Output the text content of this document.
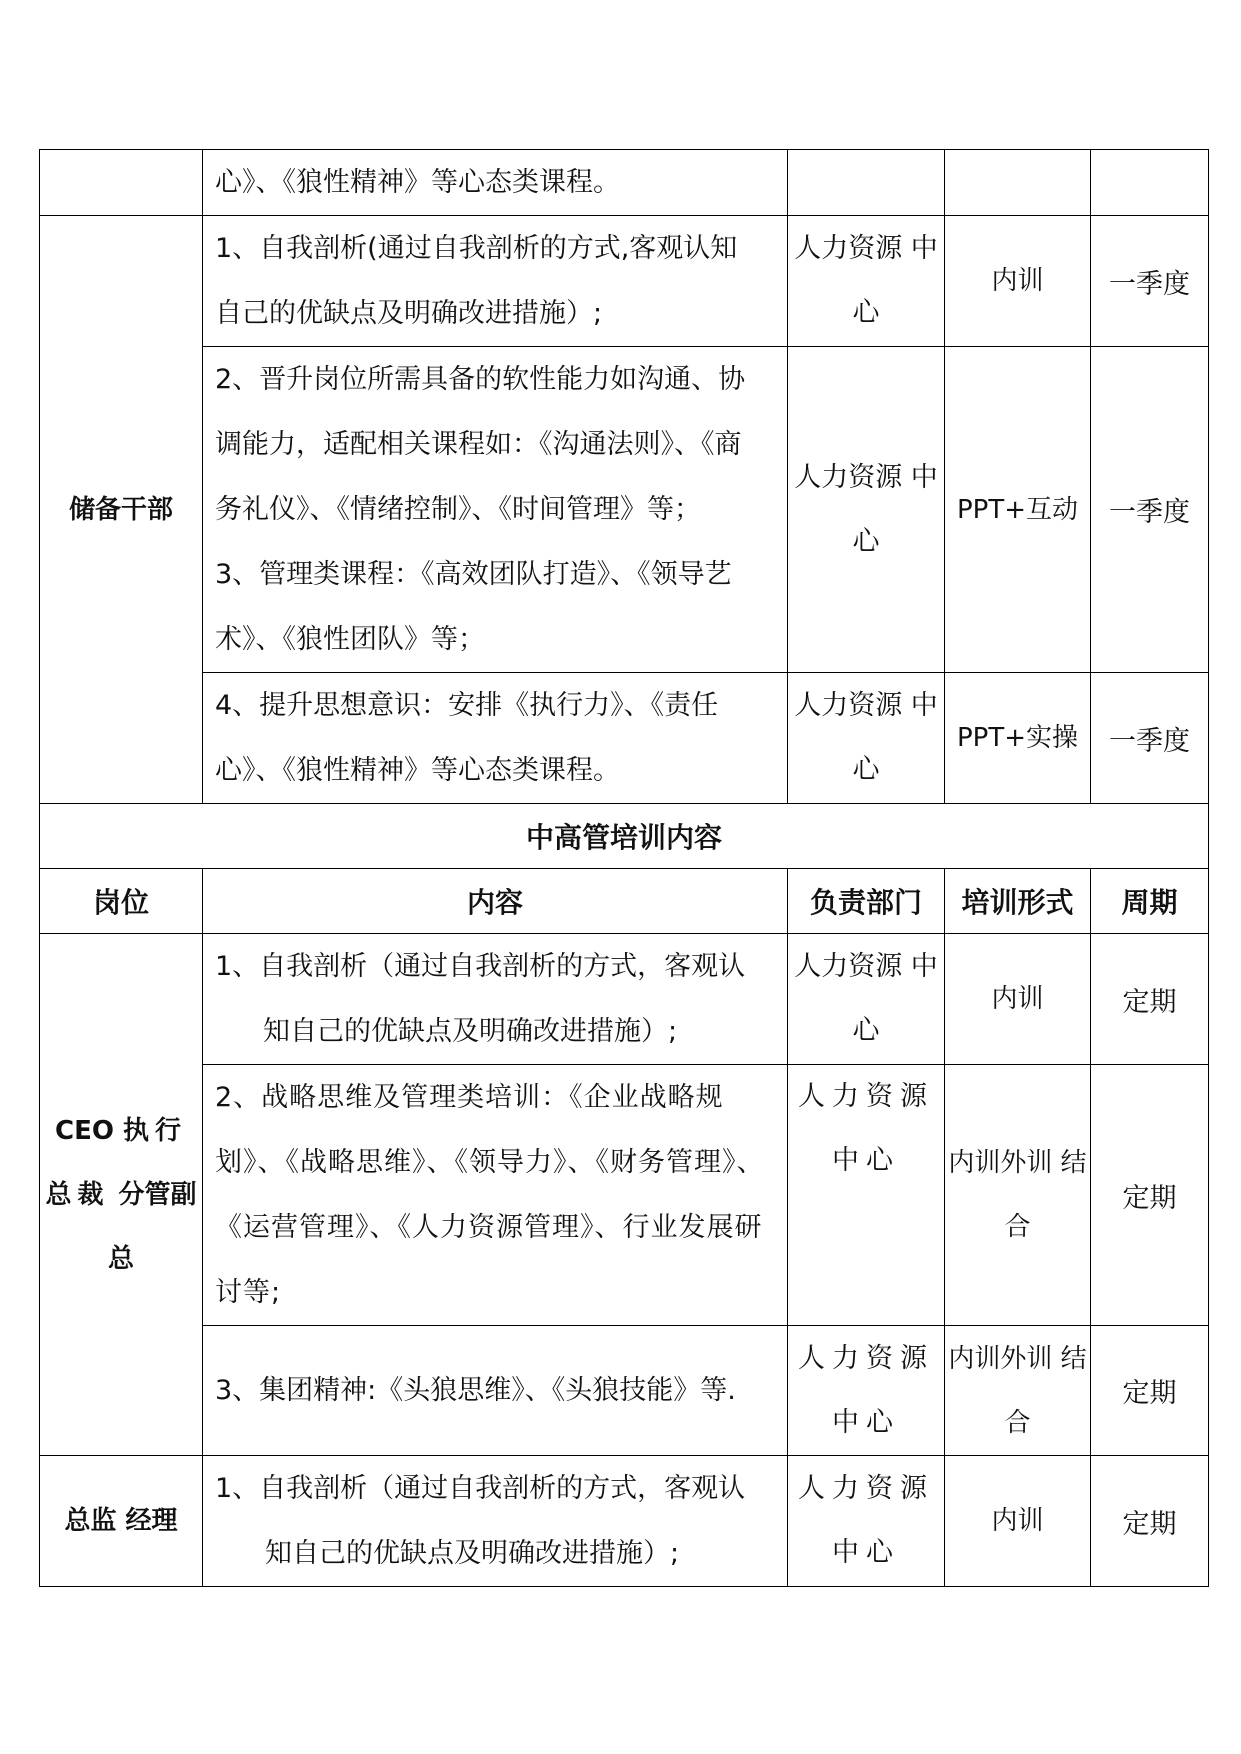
	心》、《狼性精神》等心态类课程。			
储备干部	1、自我剖析(通过自我剖析的方式,客观认知
自己的优缺点及明确改进措施）;	人力资源 中心	内训	一季度

	2、晋升岗位所需具备的软性能力如沟通、协
调能力，适配相关课程如：《沟通法则》、《商
务礼仪》、《情绪控制》、《时间管理》等；
3、管理类课程：《高效团队打造》、《领导艺
术》、《狼性团队》等；	人力资源 中心	PPT+互动	一季度

	4、提升思想意识：安排《执行力》、《责任
心》、《狼性精神》等心态类课程。	人力资源 中心	PPT+实操	一季度
中高管培训内容				
岗位	内容	负责部门	培训形式	周期
CEO 执行总裁 分管副总	1、自我剖析（通过自我剖析的方式，客观认
知自己的优缺点及明确改进措施）;	人力资源 中心	内训	定期

	2、战略思维及管理类培训：《企业战略规
划》、《战略思维》、《领导力》、《财务管理》、
《运营管理》、《人力资源管理》、行业发展研
讨等;	人力资源 中心	内训外训 结合	定期
	3、集团精神:《头狼思维》、《头狼技能》等.	人力资源 中心	内训外训 结合	定期
总监 经理	1、自我剖析（通过自我剖析的方式，客观认
知自己的优缺点及明确改进措施）;	人力资源 中心	内训	定期
